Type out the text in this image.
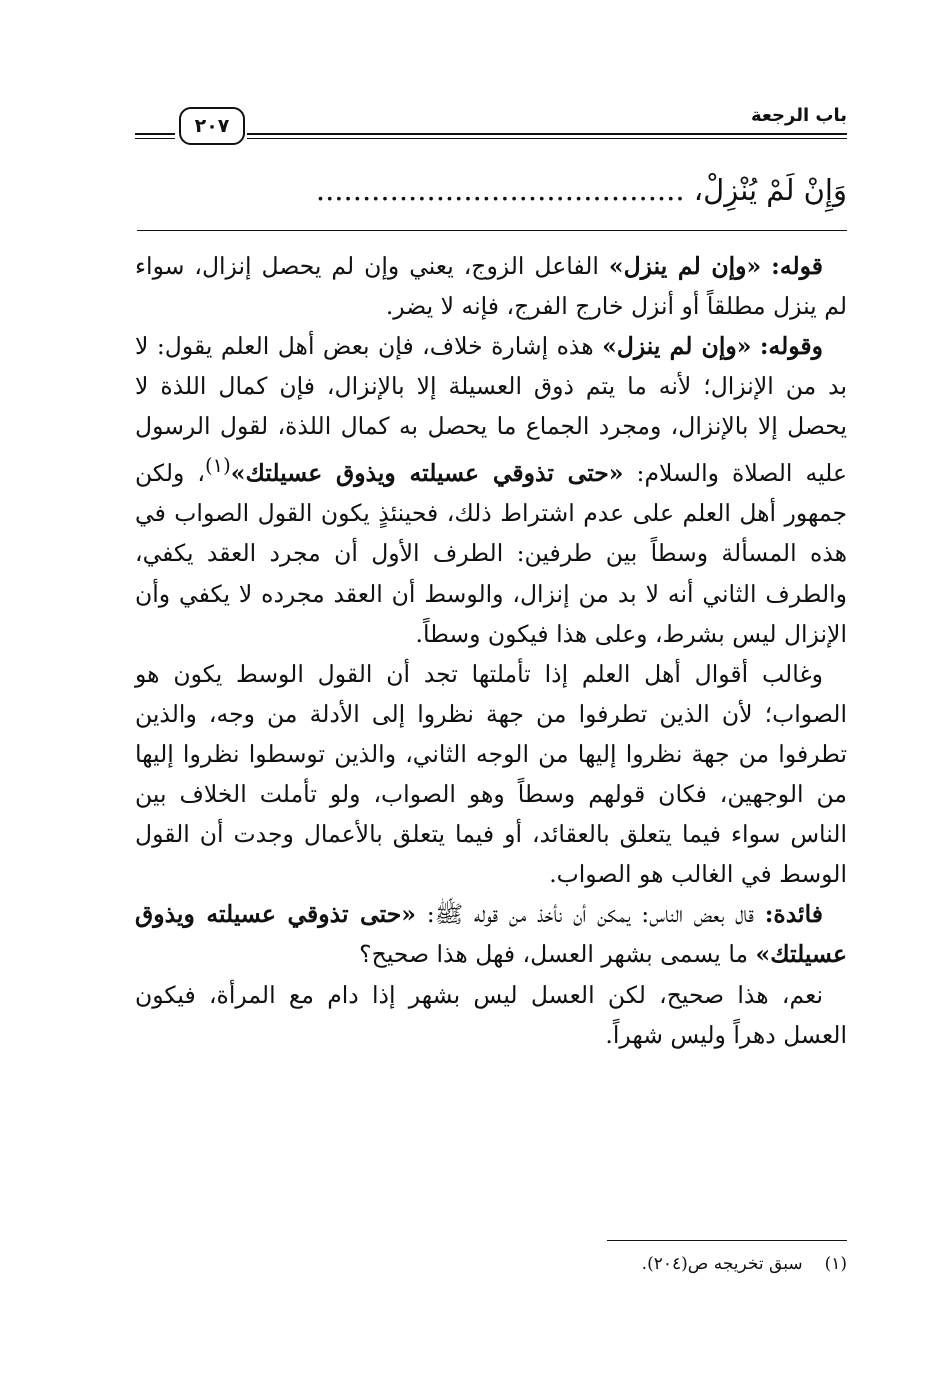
باب الرجعة
٢٠٧
وَإِنْ لَمْ يُنْزِلْ، ........................................

قوله: «وإن لم ينزل» الفاعل الزوج، يعني وإن لم يحصل إنزال، سواء لم ينزل مطلقاً أو أنزل خارج الفرج، فإنه لا يضر.

وقوله: «وإن لم ينزل» هذه إشارة خلاف، فإن بعض أهل العلم يقول: لا بد من الإنزال؛ لأنه ما يتم ذوق العسيلة إلا بالإنزال، فإن كمال اللذة لا يحصل إلا بالإنزال، ومجرد الجماع ما يحصل به كمال اللذة، لقول الرسول عليه الصلاة والسلام: «حتى تذوقي عسيلته ويذوق عسيلتك»$^{(١)}$، ولكن جمهور أهل العلم على عدم اشتراط ذلك، فحينئذٍ يكون القول الصواب في هذه المسألة وسطاً بين طرفين: الطرف الأول أن مجرد العقد يكفي، والطرف الثاني أنه لا بد من إنزال، والوسط أن العقد مجرده لا يكفي وأن الإنزال ليس بشرط، وعلى هذا فيكون وسطاً.

وغالب أقوال أهل العلم إذا تأملتها تجد أن القول الوسط يكون هو الصواب؛ لأن الذين تطرفوا من جهة نظروا إلى الأدلة من وجه، والذين تطرفوا من جهة نظروا إليها من الوجه الثاني، والذين توسطوا نظروا إليها من الوجهين، فكان قولهم وسطاً وهو الصواب، ولو تأملت الخلاف بين الناس سواء فيما يتعلق بالعقائد، أو فيما يتعلق بالأعمال وجدت أن القول الوسط في الغالب هو الصواب.

فائدة: قال بعض الناس: يمكن أن نأخذ من قوله ﷺ: «حتى تذوقي عسيلته ويذوق عسيلتك» ما يسمى بشهر العسل، فهل هذا صحيح؟

نعم، هذا صحيح، لكن العسل ليس بشهر إذا دام مع المرأة، فيكون العسل دهراً وليس شهراً.

(١)سبق تخريجه ص(٢٠٤).
